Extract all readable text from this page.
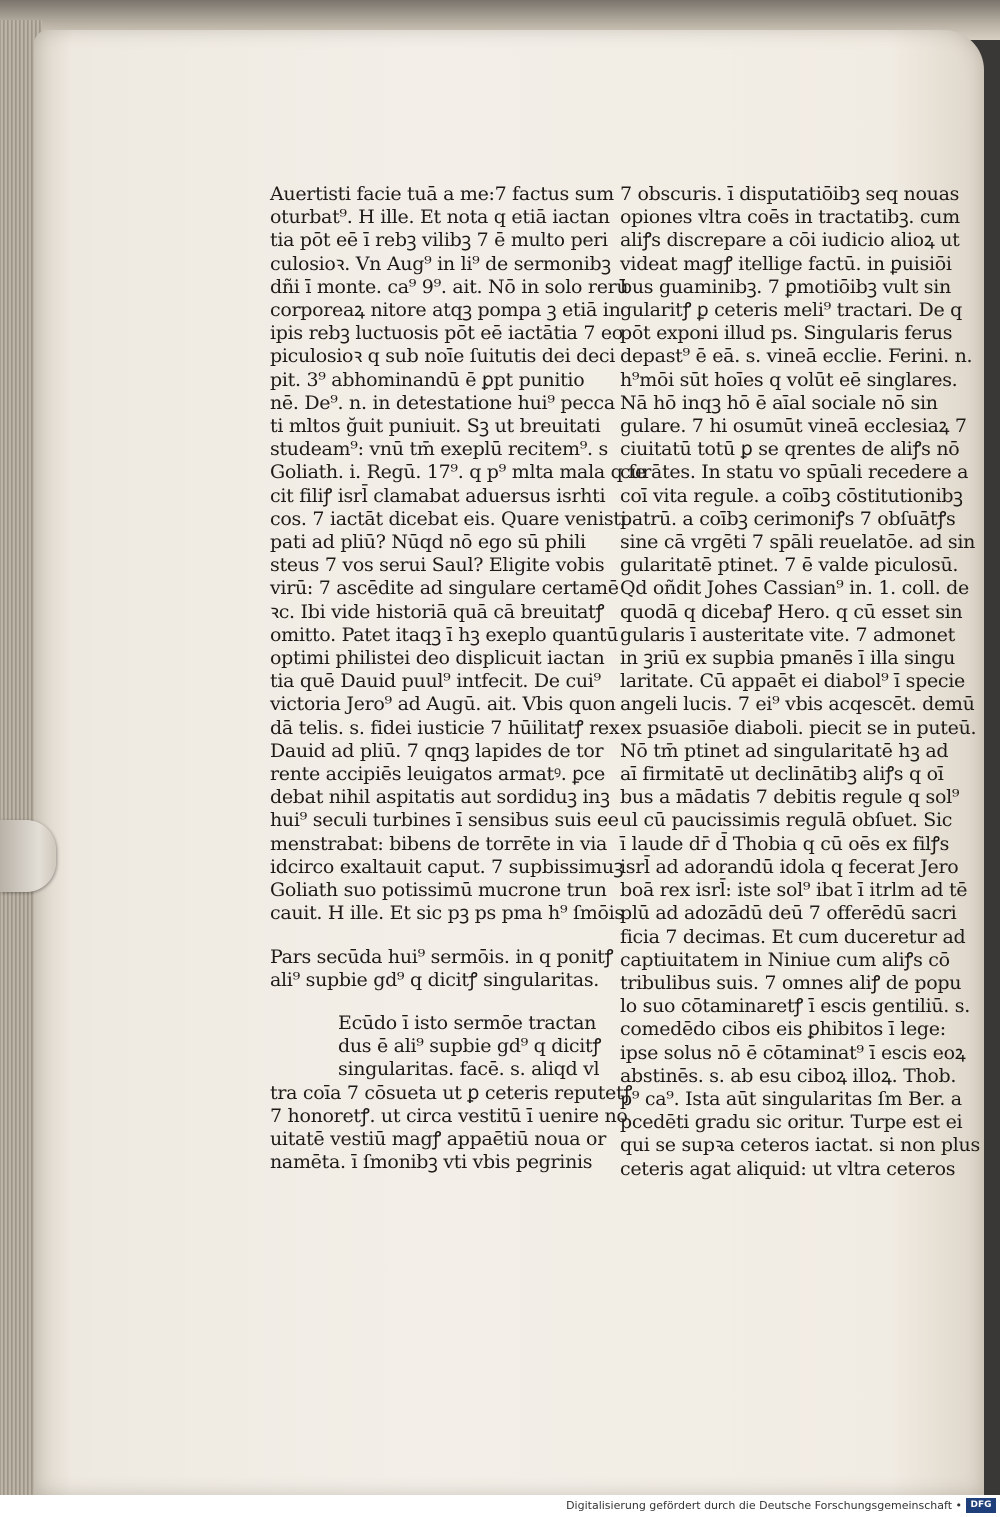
Auertisti facie tuā a me:7 factus sum

oturbat⁹. H ille. Et nota q etiā iactan

tia pōt eē ī rebꝫ vilibꝫ 7 ē multo peri

culosioꝛ. Vn Aug⁹ in li⁹ de sermonibꝫ

dñi ī monte. ca⁹ 9⁹. ait. Nō in solo rerū

corporeaꝝ nitore atqꝫ pompa ꝫ etiā in

ipis rebꝫ luctuosis pōt eē iactātia 7 eo

piculosioꝛ q sub noīe ſuitutis dei deci

pit. 3⁹ abhominandū ē ꝑpt punitio

nē. De⁹. n. in detestatione hui⁹ pecca

ti mltos ğuit puniuit. Sꝫ ut breuitati

studeam⁹: vnū tm̄ exeplū recitem⁹. s

Goliath. i. Regū. 17⁹. q p⁹ mlta mala q fe

cit filiꝭ isrl̄ clamabat aduersus isrhti

cos. 7 iactāt dicebat eis. Quare venisti

pati ad pliū? Nūqd nō ego sū phili

steus 7 vos serui Saul? Eligite vobis

virū: 7 ascēdite ad singulare certamē

ꝛc. Ibi vide historiā quā cā breuitatꝭ

omitto. Patet itaqꝫ ī hꝫ exeplo quantū

optimi philistei deo displicuit iactan

tia quē Dauid puul⁹ intfecit. De cui⁹

victoria Jero⁹ ad Augū. ait. Vbis quon

dā telis. s. fidei iusticie 7 hūilitatꝭ rex

Dauid ad pliū. 7 qnqꝫ lapides de tor

rente accipiēs leuigatos armatꝰ. ꝑce

debat nihil aspitatis aut sordiduꝫ inꝫ

hui⁹ seculi turbines ī sensibus suis ee

menstrabat: bibens de torrēte in via

idcirco exaltauit caput. 7 supbissimuꝫ

Goliath suo potissimū mucrone trun

cauit. H ille. Et sic pꝫ ps pma h⁹ ſmōis

Pars secūda hui⁹ sermōis. in q ponitꝭ

ali⁹ supbie gd⁹ q dicitꝭ singularitas.

Ecūdo ī isto sermōe tractan

dus ē ali⁹ supbie gd⁹ q dicitꝭ

singularitas. facē. s. aliqd vl

tra coīa 7 cōsueta ut ꝑ ceteris reputetꝭ

7 honoretꝭ. ut circa vestitū ī uenire no

uitatē vestiū magꝭ appaētiū noua or

namēta. ī ſmonibꝫ vti vbis pegrinis

7 obscuris. ī disputatiōibꝫ seq nouas

opiones vltra coēs in tractatibꝫ. cum

aliꝭs discrepare a cōi iudicio alioꝝ ut

videat magꝭ itellige factū. in ꝑuisiōi

bus guaminibꝫ. 7 ꝑmotiōibꝫ vult sin

gularitꝭ ꝑ ceteris meli⁹ tractari. De q

pōt exponi illud ps. Singularis ferus

depast⁹ ē eā. s. vineā ecclie. Ferini. n.

h⁹mōi sūt hoīes q volūt eē singlares.

Nā hō inqꝫ hō ē aīal sociale nō sin

gulare. 7 hi osumūt vineā ecclesiaꝝ 7

ciuitatū totū ꝑ se qrentes de aliꝭs nō

curātes. In statu vo spūali recedere a

coī vita regule. a coībꝫ cōstitutionibꝫ

patrū. a coībꝫ cerimoniꝭs 7 obſuātꝭs

sine cā vrgēti 7 spāli reuelatōe. ad sin

gularitatē ptinet. 7 ē valde piculosū.

Qd oñdit Johes Cassian⁹ in. 1. coll. de

quodā q dicebaꝭ Hero. q cū esset sin

gularis ī austeritate vite. 7 admonet

in ꝫriū ex supbia pmanēs ī illa singu

laritate. Cū appaēt ei diabol⁹ ī specie

angeli lucis. 7 ei⁹ vbis acqescēt. demū

ex psuasiōe diaboli. piecit se in puteū.

Nō tm̄ ptinet ad singularitatē hꝫ ad

aī firmitatē ut declinātibꝫ aliꝭs q oī

bus a mādatis 7 debitis regule q sol⁹

ul cū paucissimis regulā obſuet. Sic

ī laude dr̄ d̄ Thobia q cū oēs ex filꝭs

isrl̄ ad adorandū idola q fecerat Jero

boā rex isrl̄: iste sol⁹ ibat ī itrlm ad tē

plū ad adozādū deū 7 offerēdū sacri

ficia 7 decimas. Et cum duceretur ad

captiuitatem in Niniue cum aliꝭs cō

tribulibus suis. 7 omnes aliꝭ de popu

lo suo cōtaminaretꝭ ī escis gentiliū. s.

comedēdo cibos eis ꝑhibitos ī lege:

ipse solus nō ē cōtaminat⁹ ī escis eoꝝ

abstinēs. s. ab esu ciboꝝ illoꝝ. Thob.

p⁹ ca⁹. Ista aūt singularitas ſm Ber. a

pcedēti gradu sic oritur. Turpe est ei

qui se supꝛa ceteros iactat. si non plus

ceteris agat aliquid: ut vltra ceteros

Digitalisierung gefördert durch die Deutsche Forschungsgemeinschaft • DFG
